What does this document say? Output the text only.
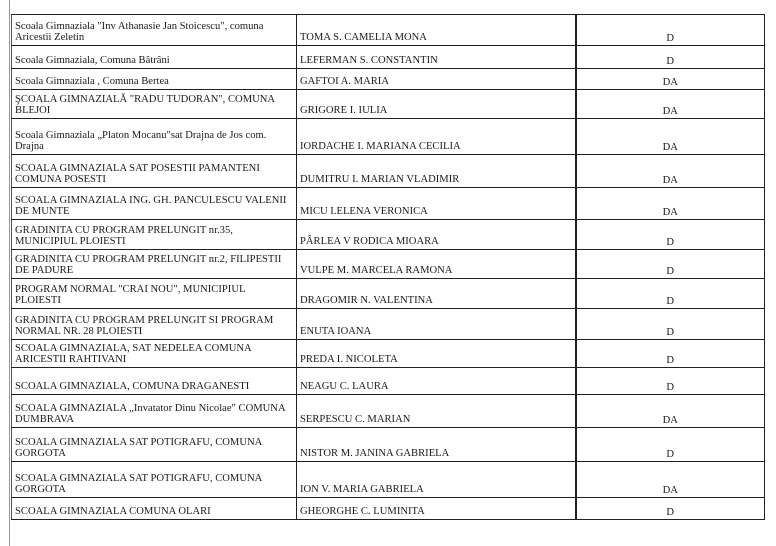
Scoala Gimnaziala "Inv Athanasie Jan Stoicescu", comuna Aricestii Zeletin	TOMA S. CAMELIA MONA	D
Scoala Gimnaziala, Comuna Bătrâni	LEFERMAN S. CONSTANTIN	D
Scoala Gimnaziala , Comuna Bertea	GAFTOI A. MARIA	DA
ŞCOALA GIMNAZIALĂ "RADU TUDORAN", COMUNA BLEJOI	GRIGORE I. IULIA	DA
Scoala Gimnaziala „Platon Mocanu"sat Drajna de Jos com. Drajna	IORDACHE I. MARIANA CECILIA	DA
SCOALA GIMNAZIALA SAT POSESTII PAMANTENI COMUNA POSESTI	DUMITRU I. MARIAN VLADIMIR	DA
SCOALA GIMNAZIALA ING. GH. PANCULESCU VALENII DE MUNTE	MICU I.ELENA VERONICA	DA
GRADINITA CU PROGRAM PRELUNGIT nr.35, MUNICIPIUL PLOIESTI	PÂRLEA V RODICA MIOARA	D
GRADINITA CU PROGRAM PRELUNGIT nr.2, FILIPESTII DE PADURE	VULPE M. MARCELA RAMONA	D
PROGRAM NORMAL "CRAI NOU", MUNICIPIUL PLOIESTI	DRAGOMIR N. VALENTINA	D
GRADINITA CU PROGRAM PRELUNGIT SI PROGRAM NORMAL NR. 28 PLOIESTI	ENUTA IOANA	D
SCOALA GIMNAZIALA, SAT NEDELEA COMUNA ARICESTII RAHTIVANI	PREDA I. NICOLETA	D
SCOALA GIMNAZIALA, COMUNA DRAGANESTI	NEAGU C. LAURA	D
SCOALA GIMNAZIALA „Invatator Dinu Nicolae" COMUNA DUMBRAVA	SERPESCU C. MARIAN	DA
SCOALA GIMNAZIALA SAT POTIGRAFU, COMUNA GORGOTA	NISTOR M. JANINA GABRIELA	D
SCOALA GIMNAZIALA SAT POTIGRAFU, COMUNA GORGOTA	ION V. MARIA GABRIELA	DA
SCOALA GIMNAZIALA COMUNA OLARI	GHEORGHE C. LUMINITA	D
